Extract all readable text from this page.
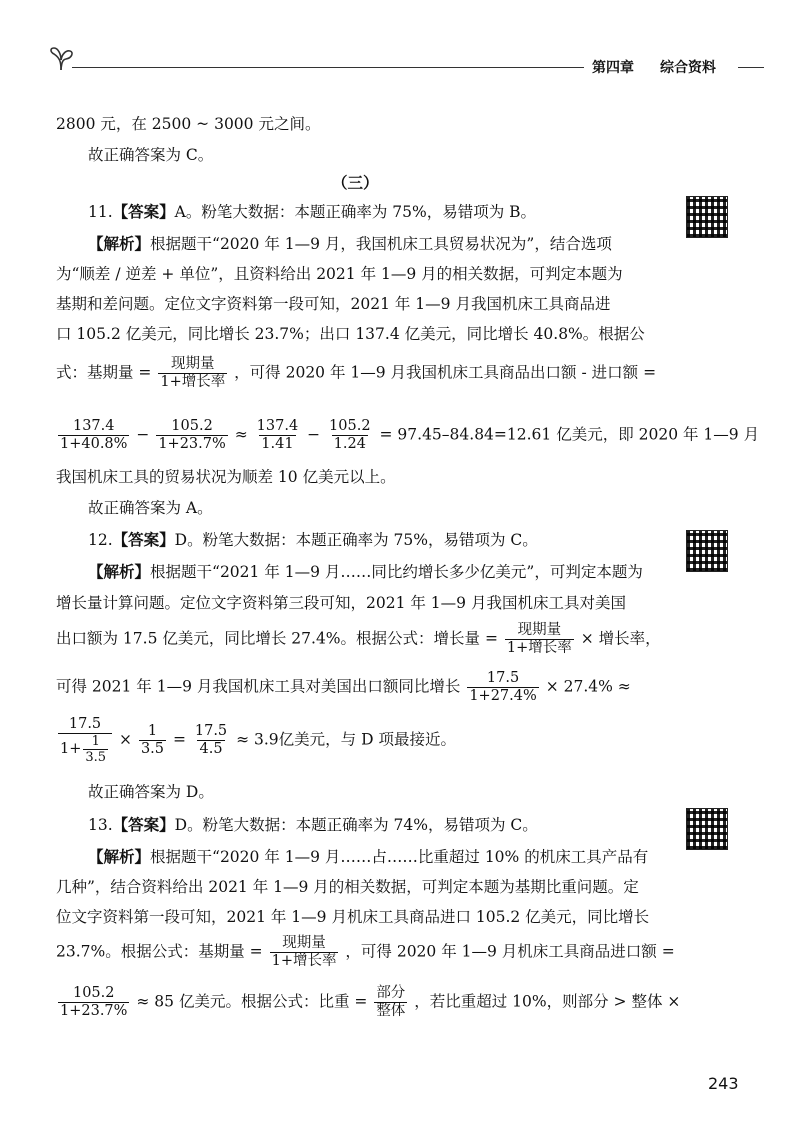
第四章 综合资料
2800 元，在 2500 ~ 3000 元之间。
故正确答案为 C。
（三）
11.【答案】A。粉笔大数据：本题正确率为 75%，易错项为 B。
【解析】根据题干“2020 年 1—9 月，我国机床工具贸易状况为”，结合选项
为“顺差 / 逆差 + 单位”，且资料给出 2021 年 1—9 月的相关数据，可判定本题为
基期和差问题。定位文字资料第一段可知，2021 年 1—9 月我国机床工具商品进
口 105.2 亿美元，同比增长 23.7%；出口 137.4 亿美元，同比增长 40.8%。根据公
式：基期量 = $\frac{\text{现期量}}{\text{1+增长率}}$ ，可得 2020 年 1—9 月我国机床工具商品出口额 - 进口额 =
$\frac{137.4}{1+40.8\%} - \frac{105.2}{1+23.7\%} \approx \frac{137.4}{1.41} - \frac{105.2}{1.24} = 97.45-84.84=12.61$ 亿美元，即 2020 年 1—9 月
我国机床工具的贸易状况为顺差 10 亿美元以上。
故正确答案为 A。
12.【答案】D。粉笔大数据：本题正确率为 75%，易错项为 C。
【解析】根据题干“2021 年 1—9 月……同比约增长多少亿美元”，可判定本题为
增长量计算问题。定位文字资料第三段可知，2021 年 1—9 月我国机床工具对美国
出口额为 17.5 亿美元，同比增长 27.4%。根据公式：增长量 = $\frac{\text{现期量}}{\text{1+增长率}}$ × 增长率，
可得 2021 年 1—9 月我国机床工具对美国出口额同比增长 $\frac{17.5}{1+27.4\%} \times 27.4\%$ ≈
$\frac{17.5}{1+ \frac{1}{3.5}} \times \frac{1}{3.5} = \frac{17.5}{4.5} \approx 3.9$亿美元，与 D 项最接近。
故正确答案为 D。
13.【答案】D。粉笔大数据：本题正确率为 74%，易错项为 C。
【解析】根据题干“2020 年 1—9 月……占……比重超过 10% 的机床工具产品有
几种”，结合资料给出 2021 年 1—9 月的相关数据，可判定本题为基期比重问题。定
位文字资料第一段可知，2021 年 1—9 月机床工具商品进口 105.2 亿美元，同比增长
23.7%。根据公式：基期量 = $\frac{\text{现期量}}{\text{1+增长率}}$ ，可得 2020 年 1—9 月机床工具商品进口额 =
$\frac{105.2}{1+23.7\%} \approx 85$ 亿美元。根据公式：比重 = $\frac{\text{部分}}{\text{整体}}$ ，若比重超过 10%，则部分 > 整体 ×
243
